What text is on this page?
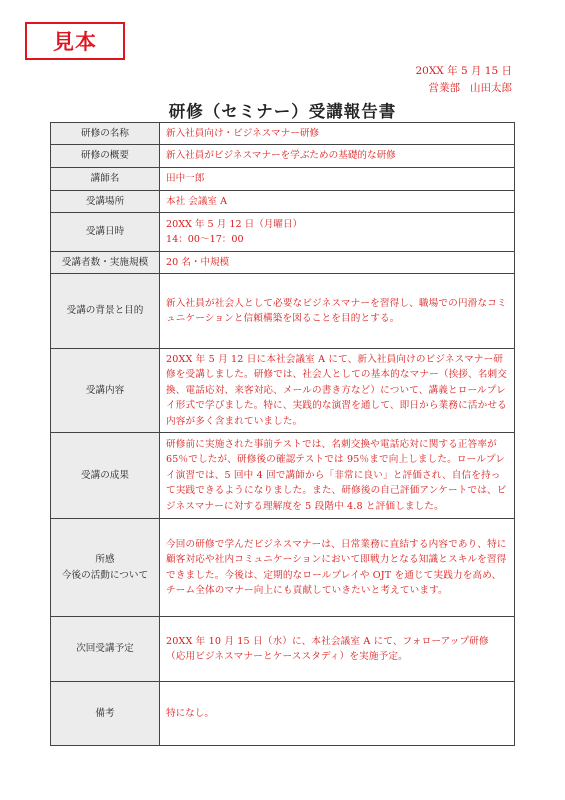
見本
20XX 年 5 月 15 日
営業部 山田太郎
研修（セミナー）受講報告書
研修の名称	新入社員向け・ビジネスマナー研修
研修の概要	新入社員がビジネスマナーを学ぶための基礎的な研修
講師名	田中一郎
受講場所	本社 会議室 A
受講日時	20XX 年 5 月 12 日（月曜日）
14：00〜17：00

受講者数・実施規模	20 名・中規模
受講の背景と目的	新入社員が社会人として必要なビジネスマナーを習得し、職場での円滑なコミュニケーションと信頼構築を図ることを目的とする。
受講内容	20XX 年 5 月 12 日に本社会議室 A にて、新入社員向けのビジネスマナー研修を受講しました。研修では、社会人としての基本的なマナー（挨拶、名刺交換、電話応対、来客対応、メールの書き方など）について、講義とロールプレイ形式で学びました。特に、実践的な演習を通して、即日から業務に活かせる内容が多く含まれていました。
受講の成果	研修前に実施された事前テストでは、名刺交換や電話応対に関する正答率が 65％でしたが、研修後の確認テストでは 95％まで向上しました。ロールプレイ演習では、5 回中 4 回で講師から「非常に良い」と評価され、自信を持って実践できるようになりました。また、研修後の自己評価アンケートでは、ビジネスマナーに対する理解度を 5 段階中 4.8 と評価しました。

所感
今後の活動について	今回の研修で学んだビジネスマナーは、日常業務に直結する内容であり、特に顧客対応や社内コミュニケーションにおいて即戦力となる知識とスキルを習得できました。今後は、定期的なロールプレイや OJT を通じて実践力を高め、チーム全体のマナー向上にも貢献していきたいと考えています。
次回受講予定	20XX 年 10 月 15 日（水）に、本社会議室 A にて、フォローアップ研修（応用ビジネスマナーとケーススタディ）を実施予定。
備考	特になし。
